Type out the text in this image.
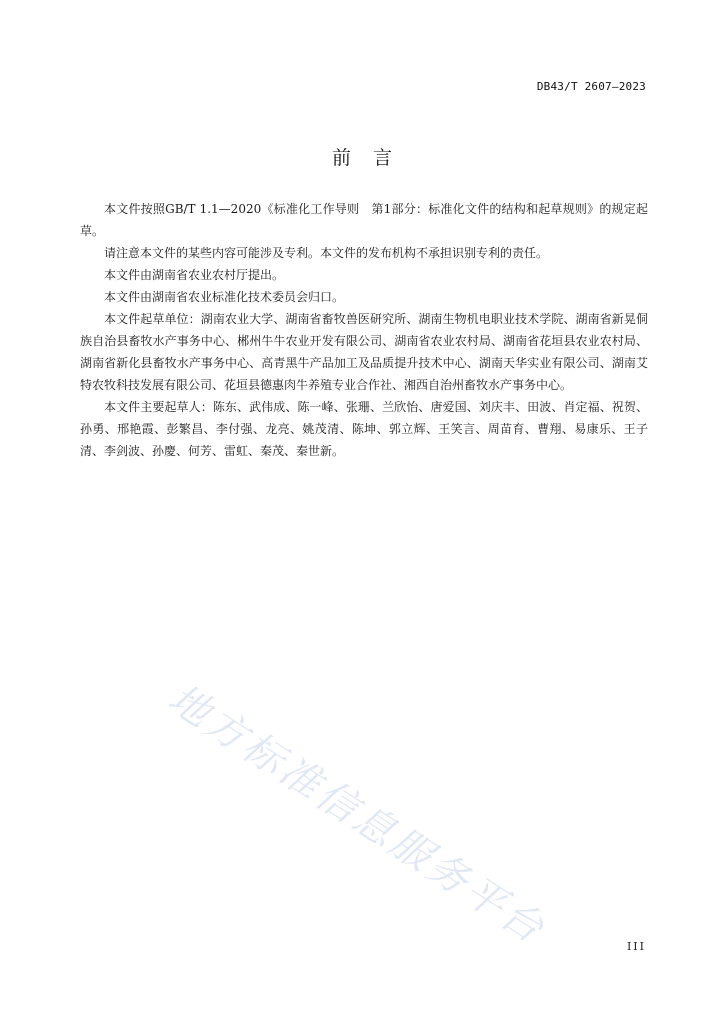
DB43/T 2607—2023
前言

本文件按照GB/T 1.1—2020《标准化工作导则　第1部分：标准化文件的结构和起草规则》的规定起草。

请注意本文件的某些内容可能涉及专利。本文件的发布机构不承担识别专利的责任。

本文件由湖南省农业农村厅提出。

本文件由湖南省农业标准化技术委员会归口。

本文件起草单位：湖南农业大学、湖南省畜牧兽医研究所、湖南生物机电职业技术学院、湖南省新晃侗族自治县畜牧水产事务中心、郴州牛牛农业开发有限公司、湖南省农业农村局、湖南省花垣县农业农村局、湖南省新化县畜牧水产事务中心、高青黑牛产品加工及品质提升技术中心、湖南天华实业有限公司、湖南艾特农牧科技发展有限公司、花垣县德惠肉牛养殖专业合作社、湘西自治州畜牧水产事务中心。

本文件主要起草人：陈东、武伟成、陈一峰、张珊、兰欣怡、唐爱国、刘庆丰、田波、肖定福、祝贺、孙勇、邢艳霞、彭繁昌、李付强、龙亮、姚茂清、陈坤、郭立辉、王笑言、周苗育、曹翔、易康乐、王子清、李剑波、孙慶、何芳、雷虹、秦茂、秦世新。

地方标准信息服务平台	III
